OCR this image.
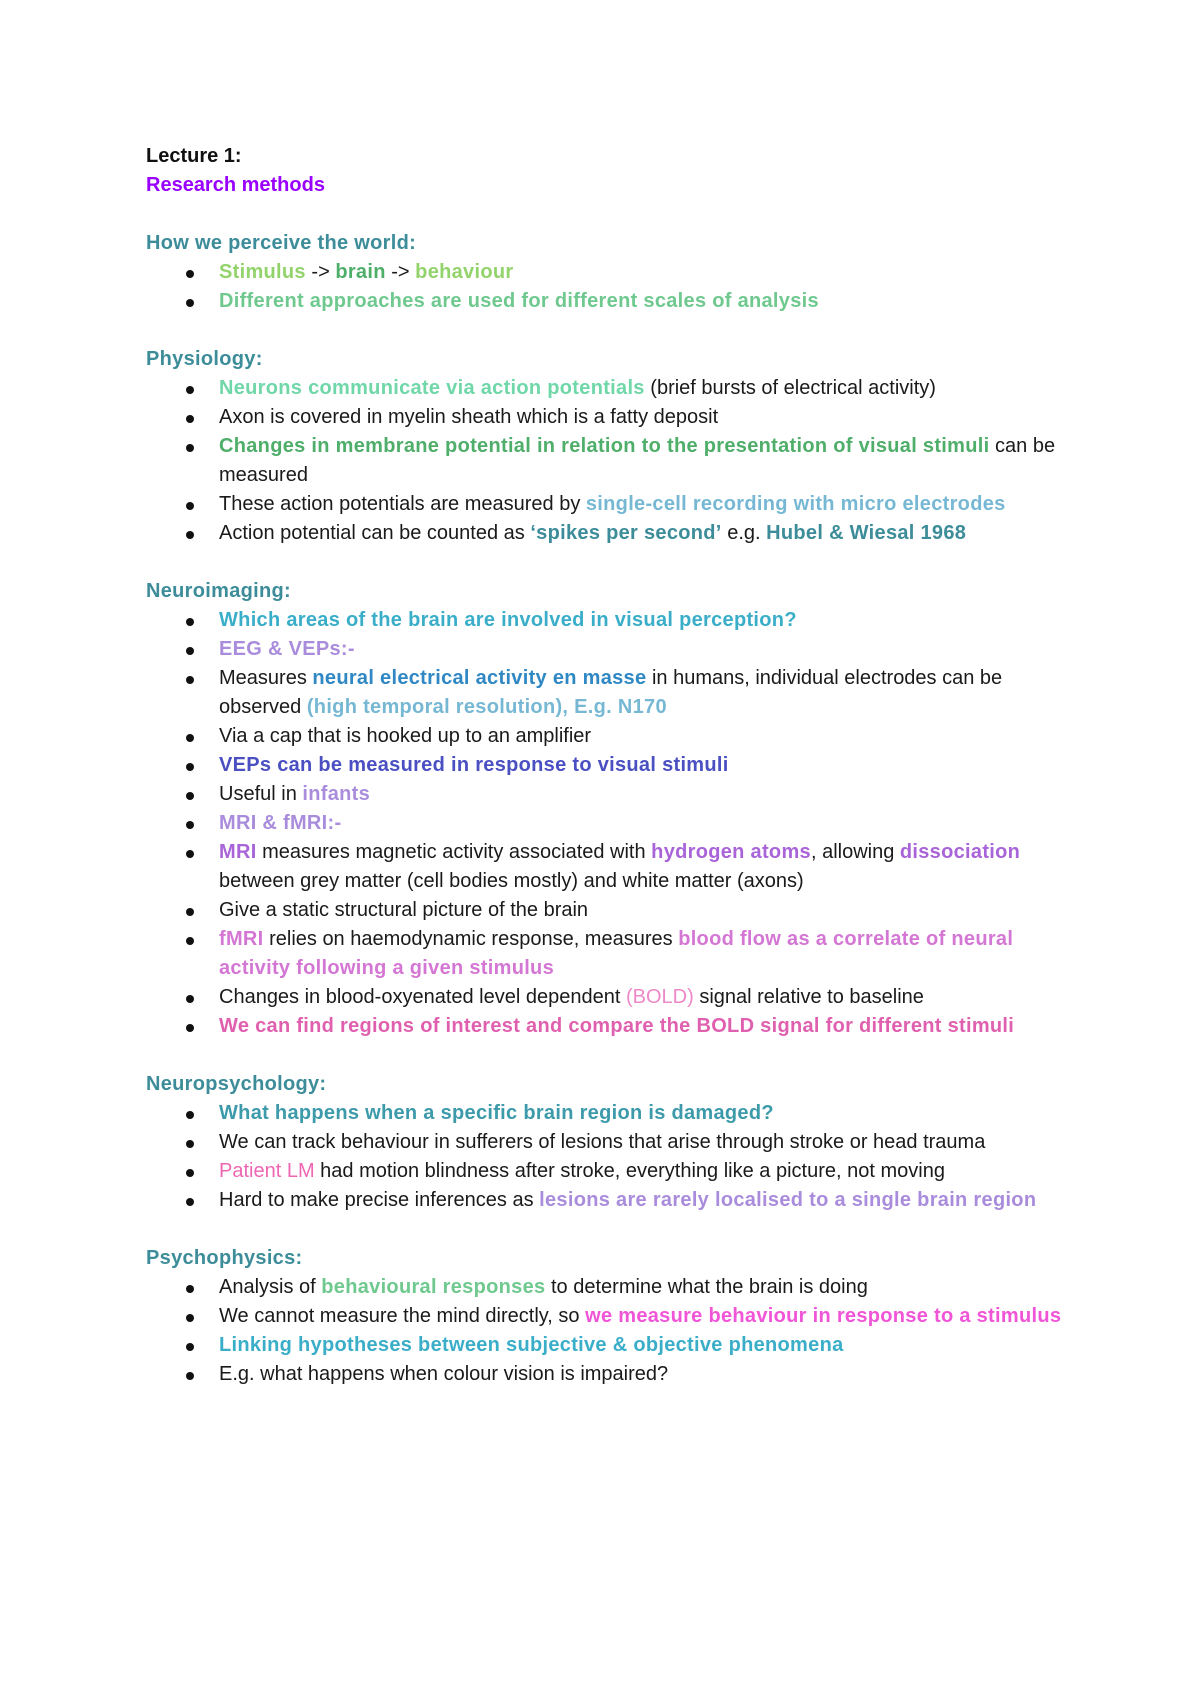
Lecture 1:
Research methods
How we perceive the world:
Stimulus -> brain -> behaviour
Different approaches are used for different scales of analysis
Physiology:
Neurons communicate via action potentials (brief bursts of electrical activity)
Axon is covered in myelin sheath which is a fatty deposit
Changes in membrane potential in relation to the presentation of visual stimuli can be measured
These action potentials are measured by single-cell recording with micro electrodes
Action potential can be counted as ‘spikes per second’ e.g. Hubel & Wiesal 1968
Neuroimaging:
Which areas of the brain are involved in visual perception?
EEG & VEPs:-
Measures neural electrical activity en masse in humans, individual electrodes can be observed (high temporal resolution), E.g. N170
Via a cap that is hooked up to an amplifier
VEPs can be measured in response to visual stimuli
Useful in infants
MRI & fMRI:-
MRI measures magnetic activity associated with hydrogen atoms, allowing dissociation between grey matter (cell bodies mostly) and white matter (axons)
Give a static structural picture of the brain
fMRI relies on haemodynamic response, measures blood flow as a correlate of neural activity following a given stimulus
Changes in blood-oxyenated level dependent (BOLD) signal relative to baseline
We can find regions of interest and compare the BOLD signal for different stimuli
Neuropsychology:
What happens when a specific brain region is damaged?
We can track behaviour in sufferers of lesions that arise through stroke or head trauma
Patient LM had motion blindness after stroke, everything like a picture, not moving
Hard to make precise inferences as lesions are rarely localised to a single brain region
Psychophysics:
Analysis of behavioural responses to determine what the brain is doing
We cannot measure the mind directly, so we measure behaviour in response to a stimulus
Linking hypotheses between subjective & objective phenomena
E.g. what happens when colour vision is impaired?
